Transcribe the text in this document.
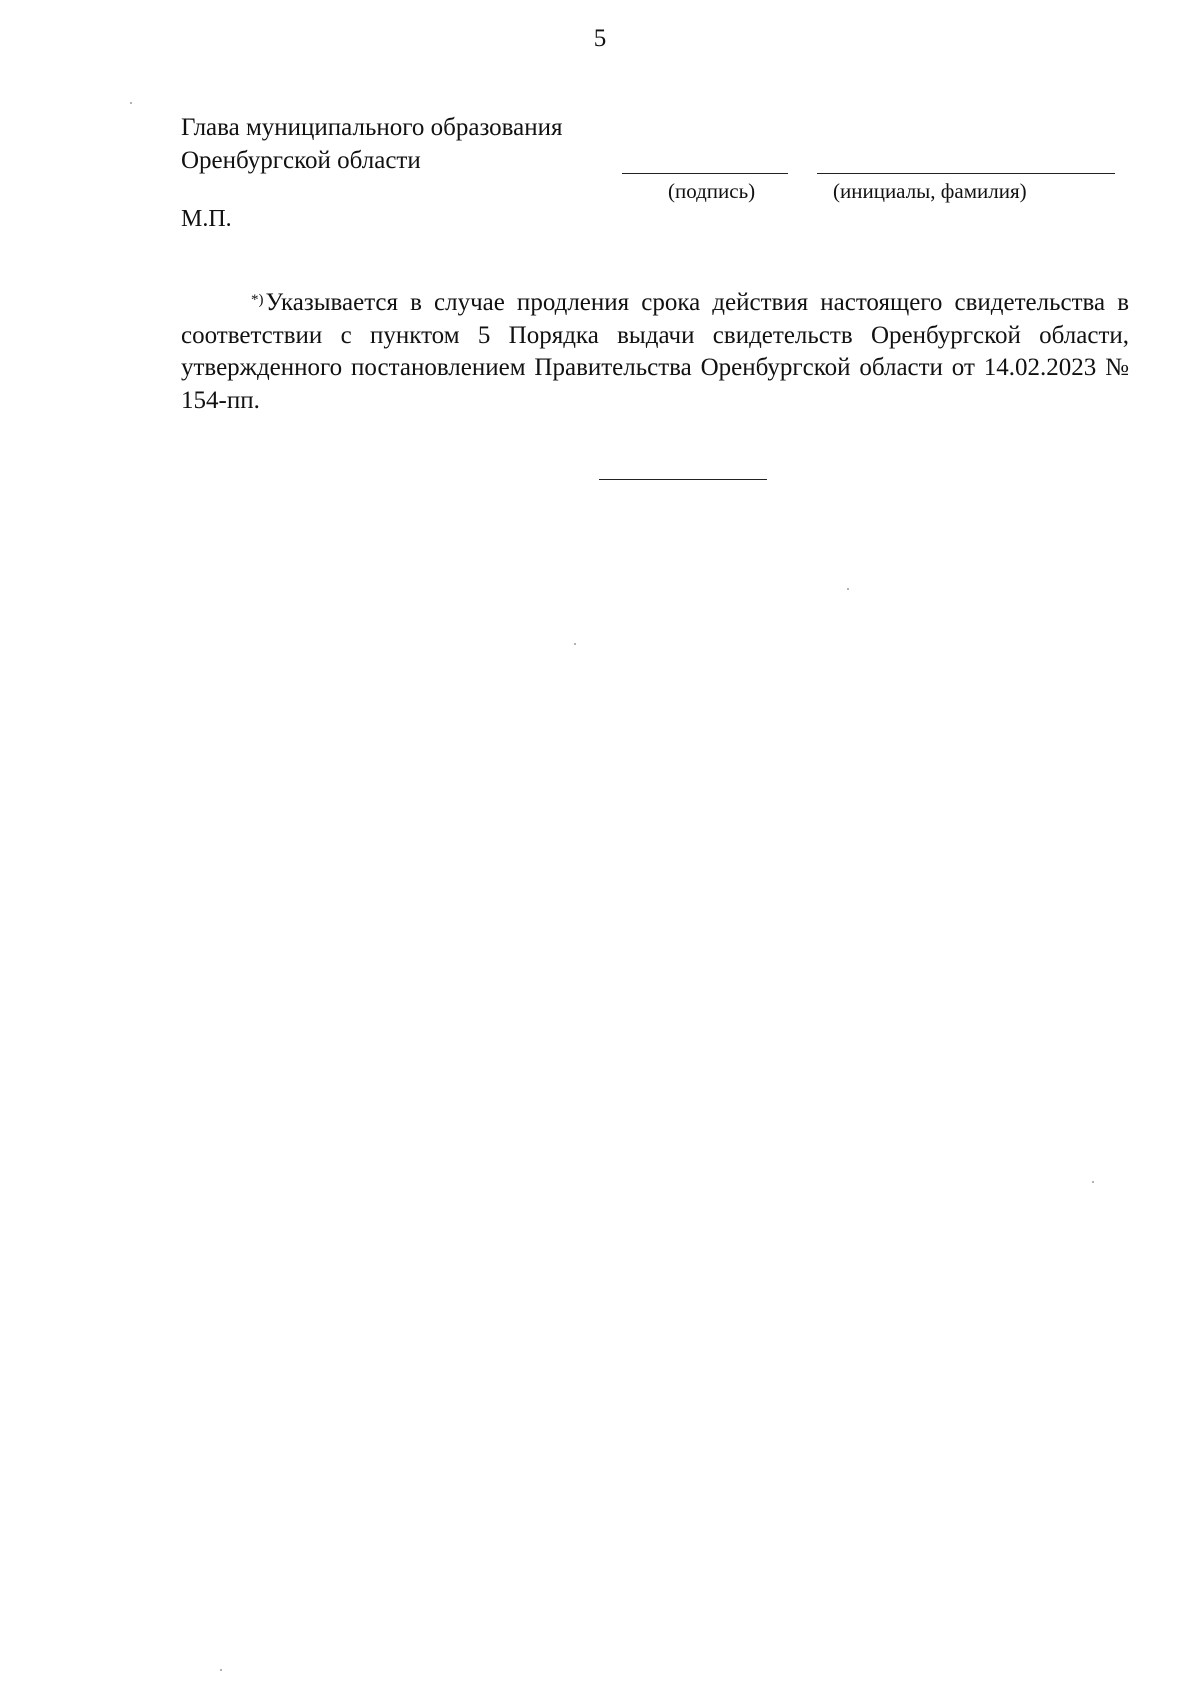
5
Глава муниципального образования
Оренбургской области
(подпись)	(инициалы, фамилия)
М.П.

*)Указывается в случае продления срока действия настоящего свидетельства в соответствии с пунктом 5 Порядка выдачи свидетельств Оренбургской области, утвержденного постановлением Правительства Оренбургской области от 14.02.2023 № 154-пп.
